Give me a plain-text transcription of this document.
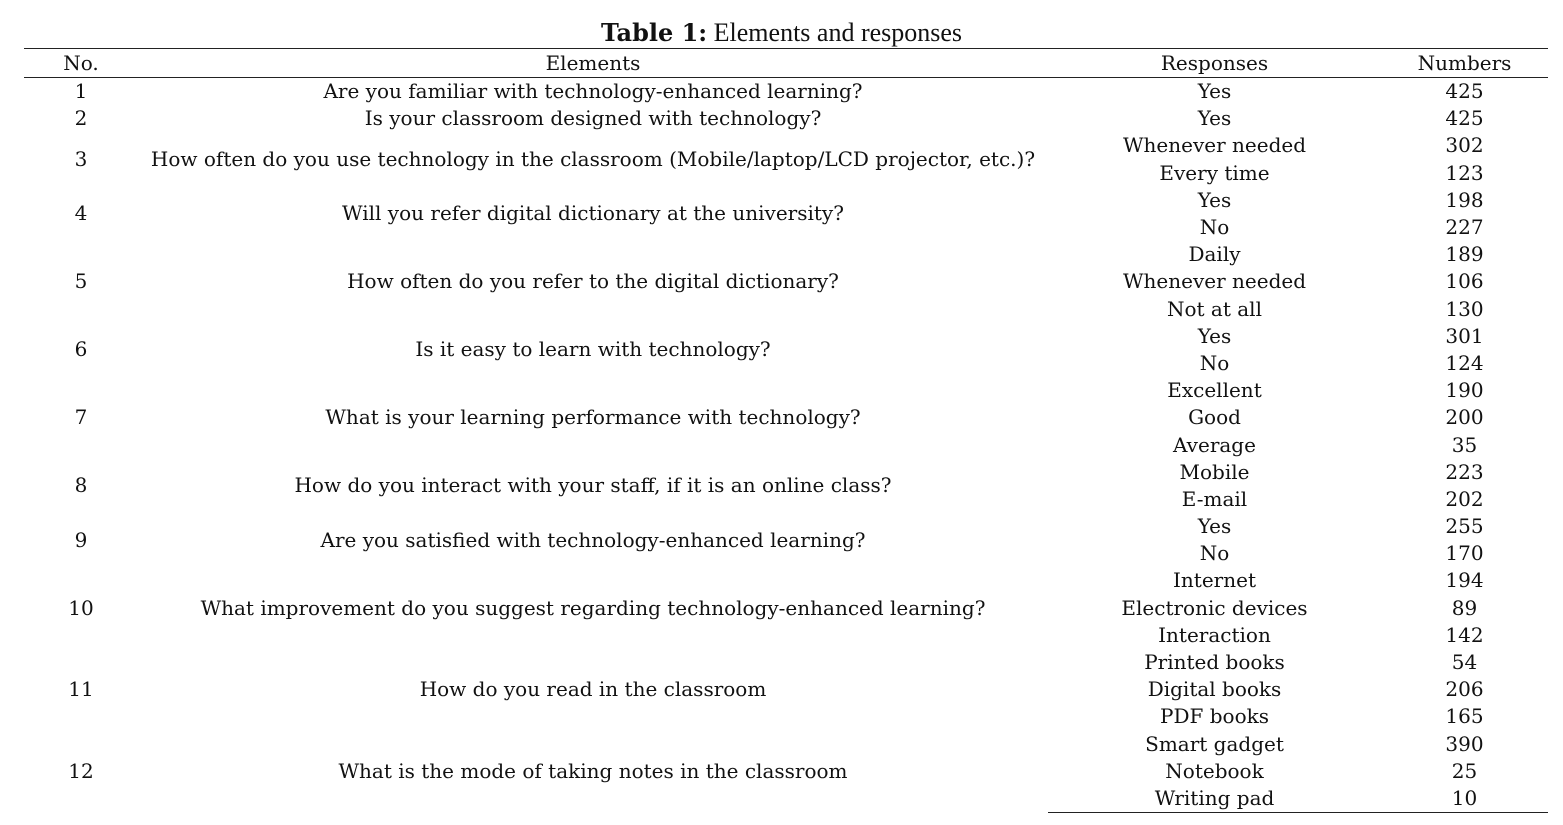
Table 1: Elements and responses
No.	Elements	Responses	Numbers
1	Are you familiar with technology-enhanced learning?	Yes	425
2	Is your classroom designed with technology?	Yes	425
3	How often do you use technology in the classroom (Mobile/laptop/LCD projector, etc.)?	Whenever needed	302
		Every time	123
4	Will you refer digital dictionary at the university?	Yes	198
		No	227
5	How often do you refer to the digital dictionary?	Daily	189
		Whenever needed	106
		Not at all	130
6	Is it easy to learn with technology?	Yes	301
		No	124
7	What is your learning performance with technology?	Excellent	190
		Good	200
		Average	35
8	How do you interact with your staff, if it is an online class?	Mobile	223
		E-mail	202
9	Are you satisfied with technology-enhanced learning?	Yes	255
		No	170
10	What improvement do you suggest regarding technology-enhanced learning?	Internet	194
		Electronic devices	89
		Interaction	142
11	How do you read in the classroom	Printed books	54
		Digital books	206
		PDF books	165
12	What is the mode of taking notes in the classroom	Smart gadget	390
		Notebook	25
		Writing pad	10
